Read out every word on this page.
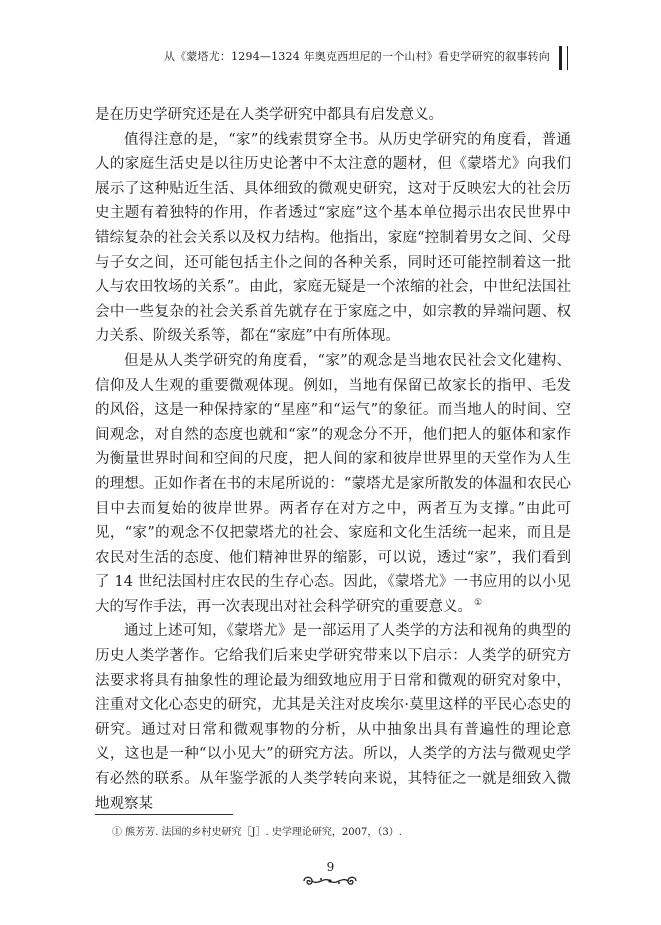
从《蒙塔尤：1294—1324 年奥克西坦尼的一个山村》看史学研究的叙事转向

是在历史学研究还是在人类学研究中都具有启发意义。

值得注意的是，“家”的线索贯穿全书。从历史学研究的角度看，普通人的家庭生活史是以往历史论著中不太注意的题材，但《蒙塔尤》向我们展示了这种贴近生活、具体细致的微观史研究，这对于反映宏大的社会历史主题有着独特的作用，作者透过“家庭”这个基本单位揭示出农民世界中错综复杂的社会关系以及权力结构。他指出，家庭“控制着男女之间、父母与子女之间，还可能包括主仆之间的各种关系，同时还可能控制着这一批人与农田牧场的关系”。由此，家庭无疑是一个浓缩的社会，中世纪法国社会中一些复杂的社会关系首先就存在于家庭之中，如宗教的异端问题、权力关系、阶级关系等，都在“家庭”中有所体现。

但是从人类学研究的角度看，“家”的观念是当地农民社会文化建构、信仰及人生观的重要微观体现。例如，当地有保留已故家长的指甲、毛发的风俗，这是一种保持家的“星座”和“运气”的象征。而当地人的时间、空间观念，对自然的态度也就和“家”的观念分不开，他们把人的躯体和家作为衡量世界时间和空间的尺度，把人间的家和彼岸世界里的天堂作为人生的理想。正如作者在书的末尾所说的：“蒙塔尤是家所散发的体温和农民心目中去而复始的彼岸世界。两者存在对方之中，两者互为支撑。”由此可见，“家”的观念不仅把蒙塔尤的社会、家庭和文化生活统一起来，而且是农民对生活的态度、他们精神世界的缩影，可以说，透过“家”，我们看到了 14 世纪法国村庄农民的生存心态。因此，《蒙塔尤》一书应用的以小见大的写作手法，再一次表现出对社会科学研究的重要意义。 ①

通过上述可知，《蒙塔尤》是一部运用了人类学的方法和视角的典型的历史人类学著作。它给我们后来史学研究带来以下启示：人类学的研究方法要求将具有抽象性的理论最为细致地应用于日常和微观的研究对象中，注重对文化心态史的研究，尤其是关注对皮埃尔·莫里这样的平民心态史的研究。通过对日常和微观事物的分析，从中抽象出具有普遍性的理论意义，这也是一种“以小见大”的研究方法。所以，人类学的方法与微观史学有必然的联系。从年鉴学派的人类学转向来说，其特征之一就是细致入微地观察某

① 熊芳芳. 法国的乡村史研究［J］. 史学理论研究，2007，（3）.
9
